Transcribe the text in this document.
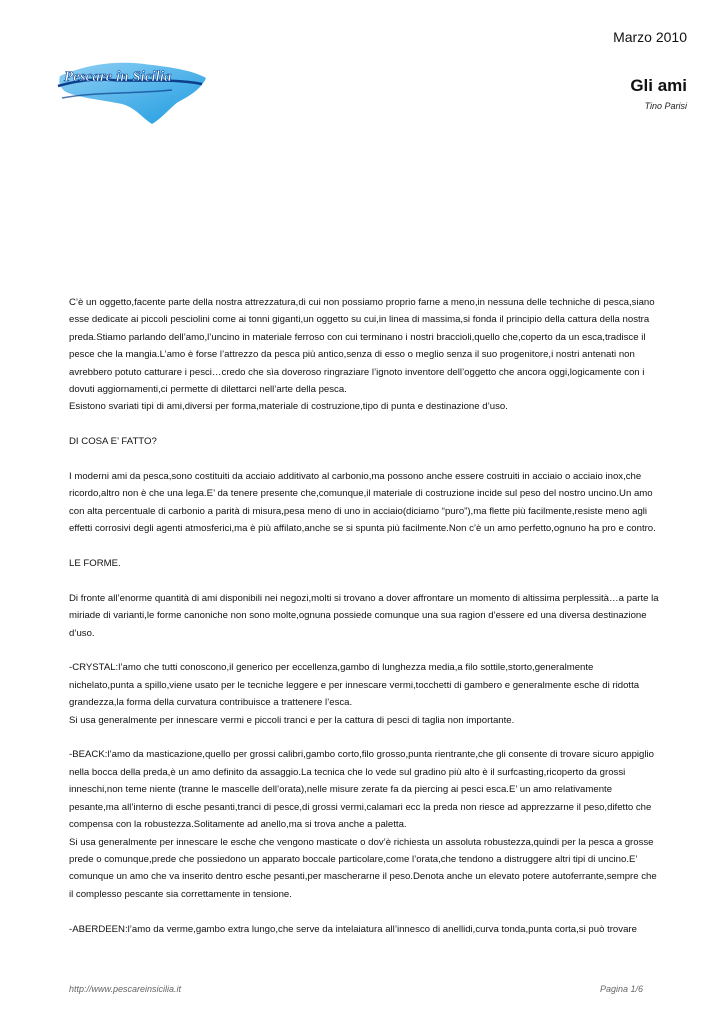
Pescare in Sicilia
Marzo 2010
Gli ami
Tino Parisi

C’è un oggetto,facente parte della nostra attrezzatura,di cui non possiamo proprio farne a meno,in nessuna delle techniche di pesca,siano esse dedicate ai piccoli pesciolini come ai tonni giganti,un oggetto su cui,in linea di massima,si fonda il principio della cattura della nostra preda.Stiamo parlando dell’amo,l’uncino in materiale ferroso con cui terminano i nostri braccioli,quello che,coperto da un esca,tradisce il pesce che la mangia.L’amo è forse l’attrezzo da pesca più antico,senza di esso o meglio senza il suo progenitore,i nostri antenati non avrebbero potuto catturare i pesci…credo che sìa doveroso ringraziare l’ignoto inventore dell’oggetto che ancora oggi,logicamente con i dovuti aggiornamenti,ci permette di dilettarci nell’arte della pesca.

Esistono svariati tipi di ami,diversi per forma,materiale di costruzione,tipo di punta e destinazione d’uso.

DI COSA E’ FATTO?

I moderni ami da pesca,sono costituiti da acciaio additivato al carbonio,ma possono anche essere costruiti in acciaio o acciaio inox,che ricordo,altro non è che una lega.E’ da tenere presente che,comunque,il materiale di costruzione incide sul peso del nostro uncino.Un amo con alta percentuale di carbonio a parità di misura,pesa meno di uno in acciaio(diciamo “puro”),ma flette più facilmente,resiste meno agli effetti corrosivi degli agenti atmosferici,ma è più affilato,anche se si spunta più facilmente.Non c’è un amo perfetto,ognuno ha pro e contro.

LE FORME.

Di fronte all’enorme quantità di ami disponibili nei negozi,molti si trovano a dover affrontare un momento di altissima perplessità…a parte la miriade di varianti,le forme canoniche non sono molte,ognuna possiede comunque una sua ragion d’essere ed una diversa destinazione d’uso.

-CRYSTAL:l’amo che tutti conoscono,il generico per eccellenza,gambo di lunghezza media,a filo sottile,storto,generalmente nichelato,punta a spillo,viene usato per le tecniche leggere e per innescare vermi,tocchetti di gambero e generalmente esche di ridotta grandezza,la forma della curvatura contribuisce a trattenere l’esca.

Si usa generalmente per innescare vermi e piccoli tranci e per la cattura di pesci di taglia non importante.

-BEACK:l’amo da masticazione,quello per grossi calibri,gambo corto,filo grosso,punta rientrante,che gli consente di trovare sicuro appiglio nella bocca della preda,è un amo definito da assaggio.La tecnica che lo vede sul gradino più alto è il surfcasting,ricoperto da grossi inneschi,non teme niente (tranne le mascelle dell’orata),nelle misure zerate fa da piercing ai pesci esca.E’ un amo relativamente pesante,ma all’interno di esche pesanti,tranci di pesce,di grossi vermi,calamari ecc la preda non riesce ad apprezzarne il peso,difetto che compensa con la robustezza.Solitamente ad anello,ma si trova anche a paletta.

Si usa generalmente per innescare le esche che vengono masticate o dov’è richiesta un assoluta robustezza,quindi per la pesca a grosse prede o comunque,prede che possiedono un apparato boccale particolare,come l’orata,che tendono a distruggere altri tipi di uncino.E’ comunque un amo che va inserito dentro esche pesanti,per mascherarne il peso.Denota anche un elevato potere autoferrante,sempre che il complesso pescante sia correttamente in tensione.

-ABERDEEN:l’amo da verme,gambo extra lungo,che serve da intelaiatura all’innesco di anellidi,curva tonda,punta corta,si può trovare

http://www.pescareinsicilia.it	Pagina 1/6
